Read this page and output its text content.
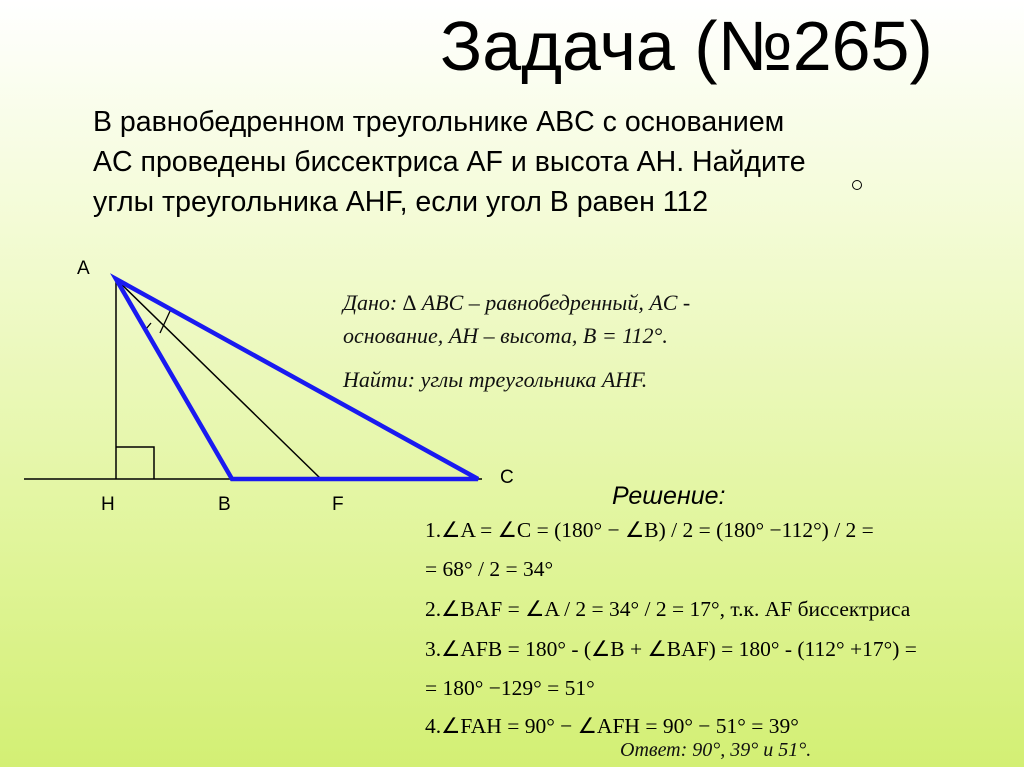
Задача (№265)
В равнобедренном треугольнике ABC с основанием
AC проведены биссектриса AF и высота AH. Найдите
углы треугольника AHF, если угол B равен 112
A
C
H	B	F
Дано: ∆ ABC – равнобедренный, AC -
основание, AH – высота, B = 112°.
Найти: углы треугольника AHF.
Решение:
1.∠A = ∠C = (180° − ∠B) / 2 = (180° −112°) / 2 =
= 68° / 2 = 34°
2.∠BAF = ∠A / 2 = 34° / 2 = 17°, т.к. AF биссектриса
3.∠AFB = 180° - (∠B + ∠BAF) = 180° - (112° +17°) =
= 180° −129° = 51°
4.∠FAH = 90° − ∠AFH = 90° − 51° = 39°
Ответ: 90°, 39° и 51°.
